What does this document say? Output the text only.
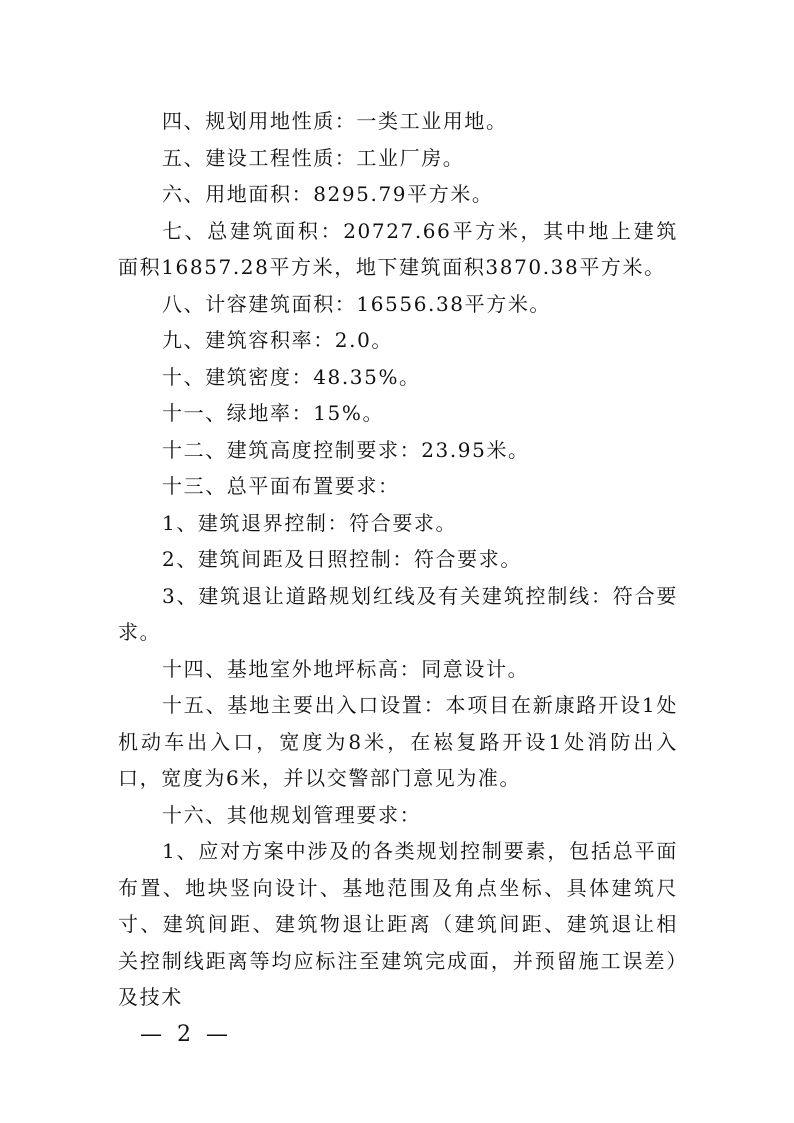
四、规划用地性质：一类工业用地。

五、建设工程性质：工业厂房。

六、用地面积：8295.79平方米。

七、总建筑面积：20727.66平方米，其中地上建筑面积16857.28平方米，地下建筑面积3870.38平方米。

八、计容建筑面积：16556.38平方米。

九、建筑容积率：2.0。

十、建筑密度：48.35%。

十一、绿地率：15%。

十二、建筑高度控制要求：23.95米。

十三、总平面布置要求：

1、建筑退界控制：符合要求。

2、建筑间距及日照控制：符合要求。

3、建筑退让道路规划红线及有关建筑控制线：符合要求。

十四、基地室外地坪标高：同意设计。

十五、基地主要出入口设置：本项目在新康路开设1处机动车出入口，宽度为8米，在崧复路开设1处消防出入口，宽度为6米，并以交警部门意见为准。

十六、其他规划管理要求：

1、应对方案中涉及的各类规划控制要素，包括总平面布置、地块竖向设计、基地范围及角点坐标、具体建筑尺寸、建筑间距、建筑物退让距离（建筑间距、建筑退让相关控制线距离等均应标注至建筑完成面，并预留施工误差）及技术

— 2 —
